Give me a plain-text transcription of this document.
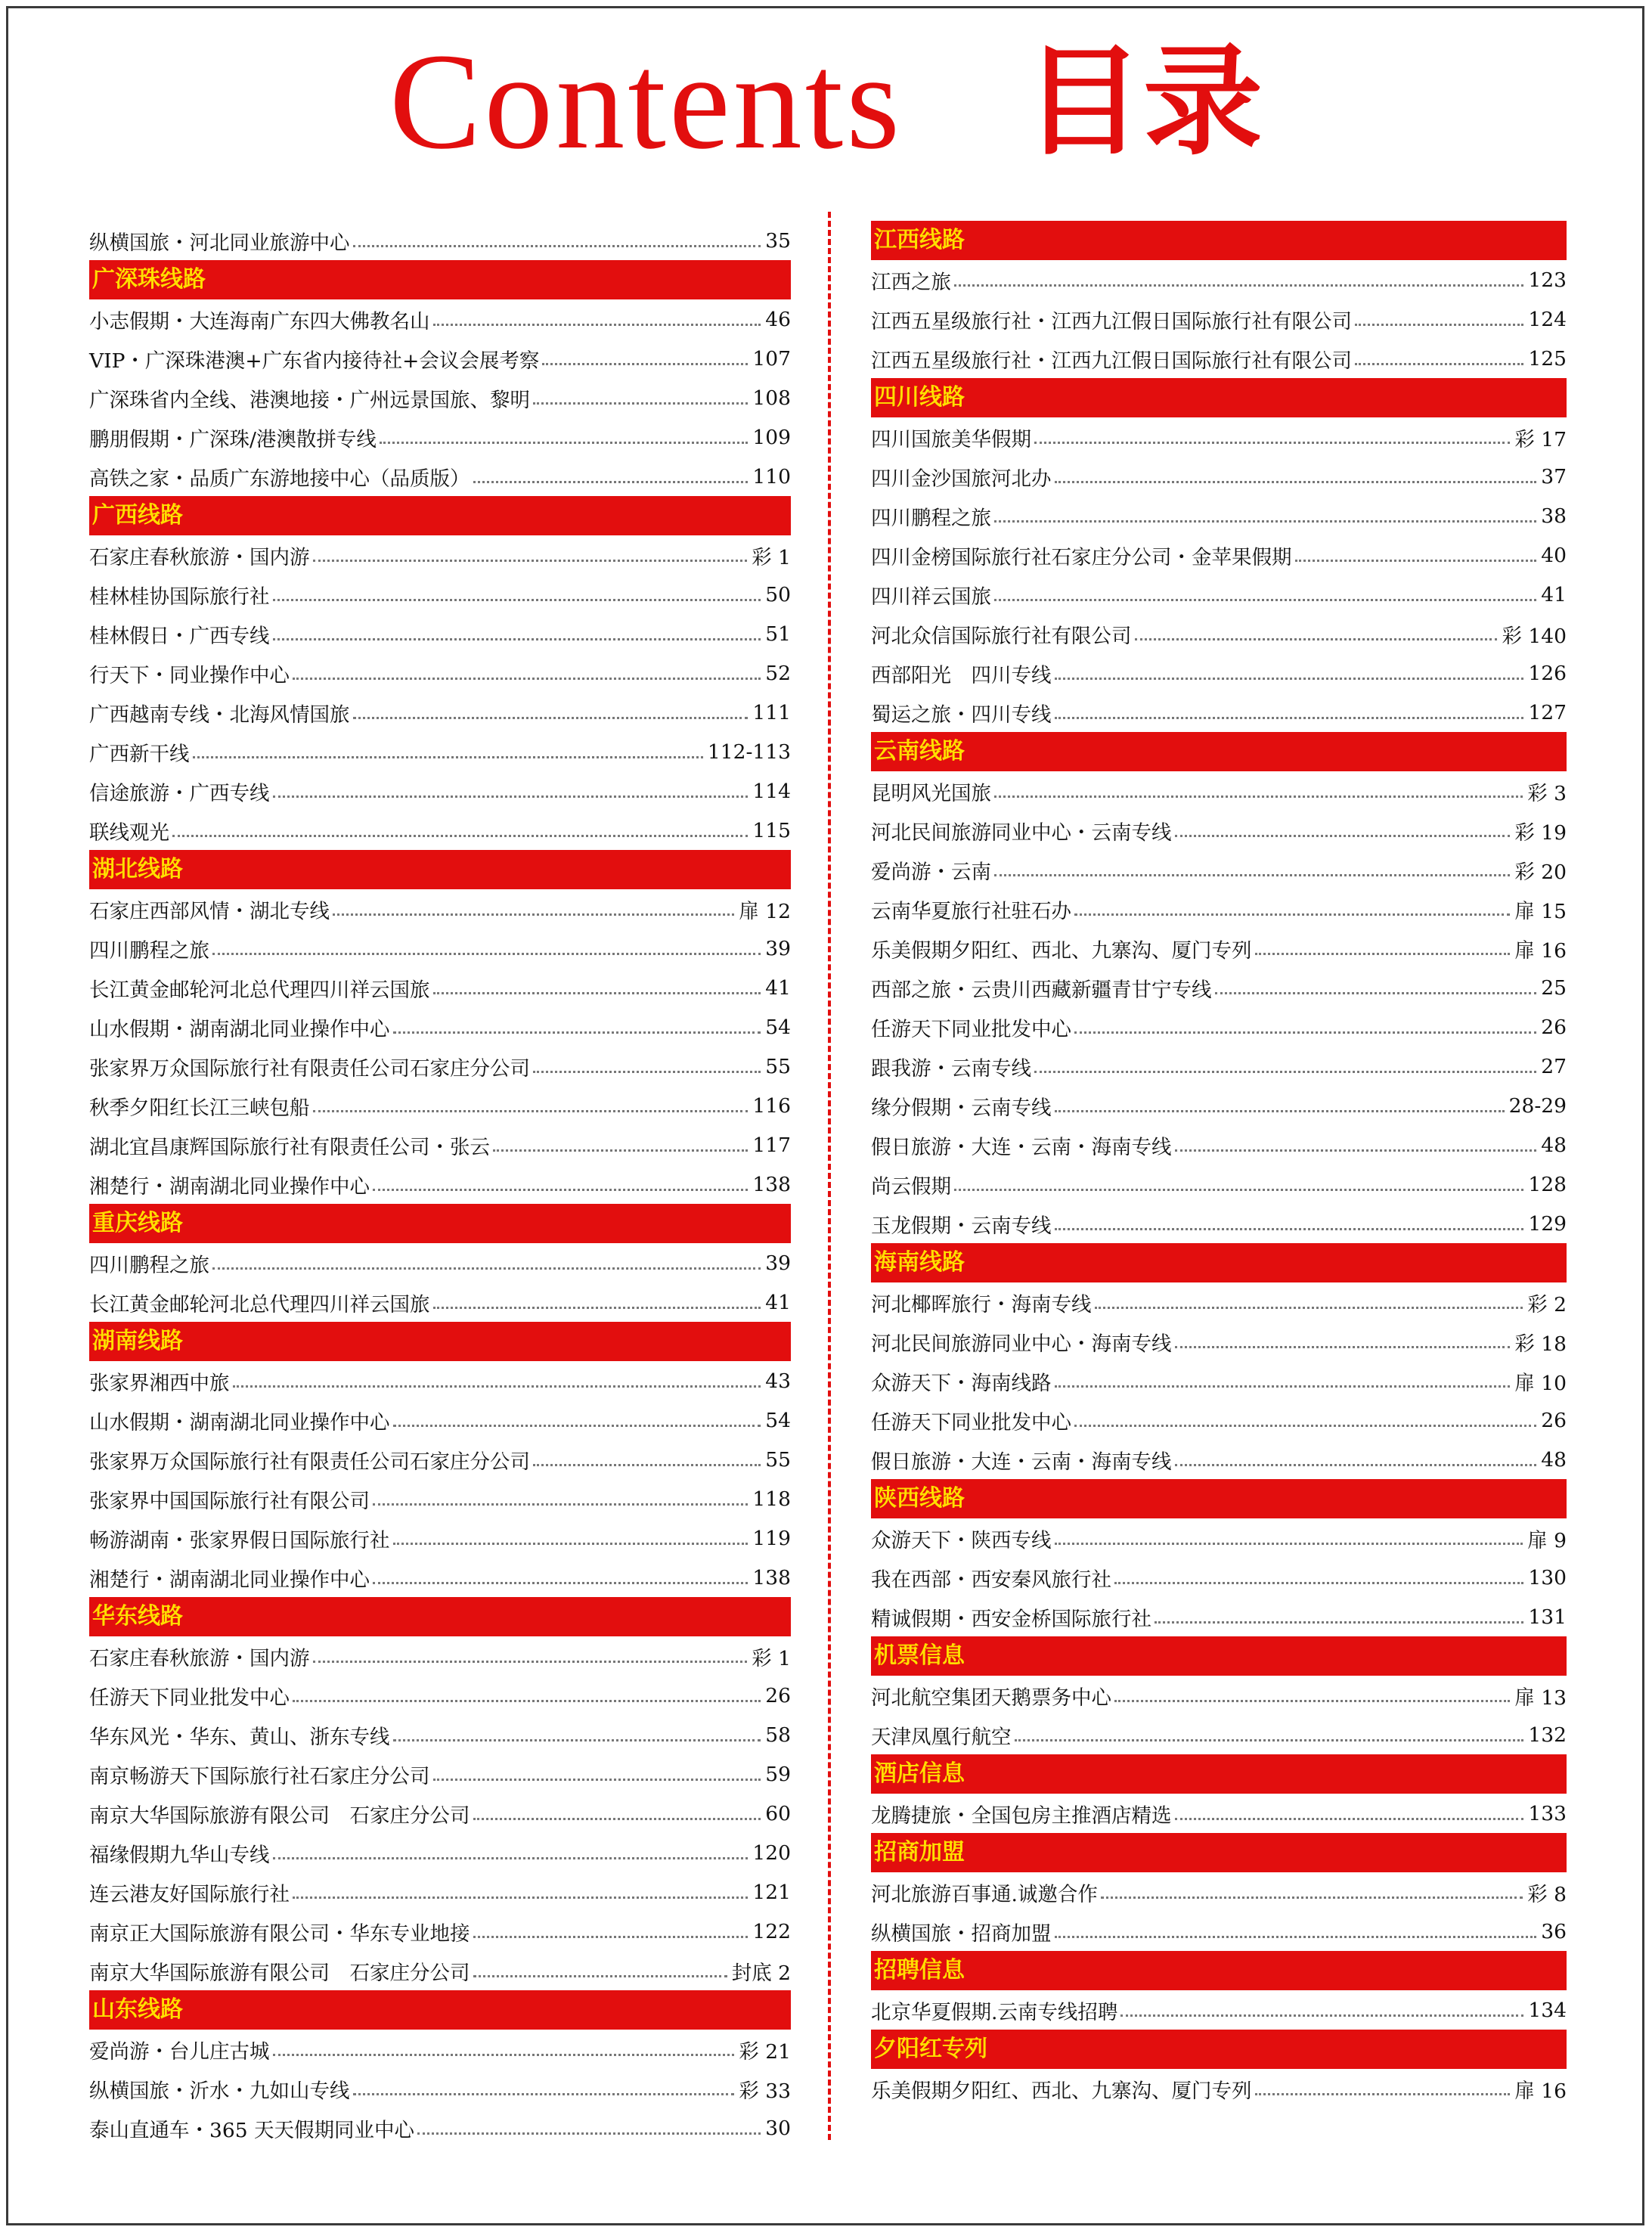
Contents 目录
纵横国旅・河北同业旅游中心	35
广深珠线路
小志假期・大连海南广东四大佛教名山	46
VIP・广深珠港澳+广东省内接待社+会议会展考察	107
广深珠省内全线、港澳地接・广州远景国旅、黎明	108
鹏朋假期・广深珠/港澳散拼专线	109
高铁之家・品质广东游地接中心（品质版）	110
广西线路
石家庄春秋旅游・国内游	彩 1
桂林桂协国际旅行社	50
桂林假日・广西专线	51
行天下・同业操作中心	52
广西越南专线・北海风情国旅	111
广西新干线	112-113
信途旅游・广西专线	114
联线观光	115
湖北线路
石家庄西部风情・湖北专线	扉 12
四川鹏程之旅	39
长江黄金邮轮河北总代理四川祥云国旅	41
山水假期・湖南湖北同业操作中心	54
张家界万众国际旅行社有限责任公司石家庄分公司	55
秋季夕阳红长江三峡包船	116
湖北宜昌康辉国际旅行社有限责任公司・张云	117
湘楚行・湖南湖北同业操作中心	138
重庆线路
四川鹏程之旅	39
长江黄金邮轮河北总代理四川祥云国旅	41
湖南线路
张家界湘西中旅	43
山水假期・湖南湖北同业操作中心	54
张家界万众国际旅行社有限责任公司石家庄分公司	55
张家界中国国际旅行社有限公司	118
畅游湖南・张家界假日国际旅行社	119
湘楚行・湖南湖北同业操作中心	138
华东线路
石家庄春秋旅游・国内游	彩 1
任游天下同业批发中心	26
华东风光・华东、黄山、浙东专线	58
南京畅游天下国际旅行社石家庄分公司	59
南京大华国际旅游有限公司　石家庄分公司	60
福缘假期九华山专线	120
连云港友好国际旅行社	121
南京正大国际旅游有限公司・华东专业地接	122
南京大华国际旅游有限公司　石家庄分公司	封底 2
山东线路
爱尚游・台儿庄古城	彩 21
纵横国旅・沂水・九如山专线	彩 33
泰山直通车・365 天天假期同业中心	30
江西线路
江西之旅	123
江西五星级旅行社・江西九江假日国际旅行社有限公司	124
江西五星级旅行社・江西九江假日国际旅行社有限公司	125
四川线路
四川国旅美华假期	彩 17
四川金沙国旅河北办	37
四川鹏程之旅	38
四川金榜国际旅行社石家庄分公司・金苹果假期	40
四川祥云国旅	41
河北众信国际旅行社有限公司	彩 140
西部阳光　四川专线	126
蜀运之旅・四川专线	127
云南线路
昆明风光国旅	彩 3
河北民间旅游同业中心・云南专线	彩 19
爱尚游・云南	彩 20
云南华夏旅行社驻石办	扉 15
乐美假期夕阳红、西北、九寨沟、厦门专列	扉 16
西部之旅・云贵川西藏新疆青甘宁专线	25
任游天下同业批发中心	26
跟我游・云南专线	27
缘分假期・云南专线	28-29
假日旅游・大连・云南・海南专线	48
尚云假期	128
玉龙假期・云南专线	129
海南线路
河北椰晖旅行・海南专线	彩 2
河北民间旅游同业中心・海南专线	彩 18
众游天下・海南线路	扉 10
任游天下同业批发中心	26
假日旅游・大连・云南・海南专线	48
陕西线路
众游天下・陕西专线	扉 9
我在西部・西安秦风旅行社	130
精诚假期・西安金桥国际旅行社	131
机票信息
河北航空集团天鹅票务中心	扉 13
天津凤凰行航空	132
酒店信息
龙腾捷旅・全国包房主推酒店精选	133
招商加盟
河北旅游百事通.诚邀合作	彩 8
纵横国旅・招商加盟	36
招聘信息
北京华夏假期.云南专线招聘	134
夕阳红专列
乐美假期夕阳红、西北、九寨沟、厦门专列	扉 16
